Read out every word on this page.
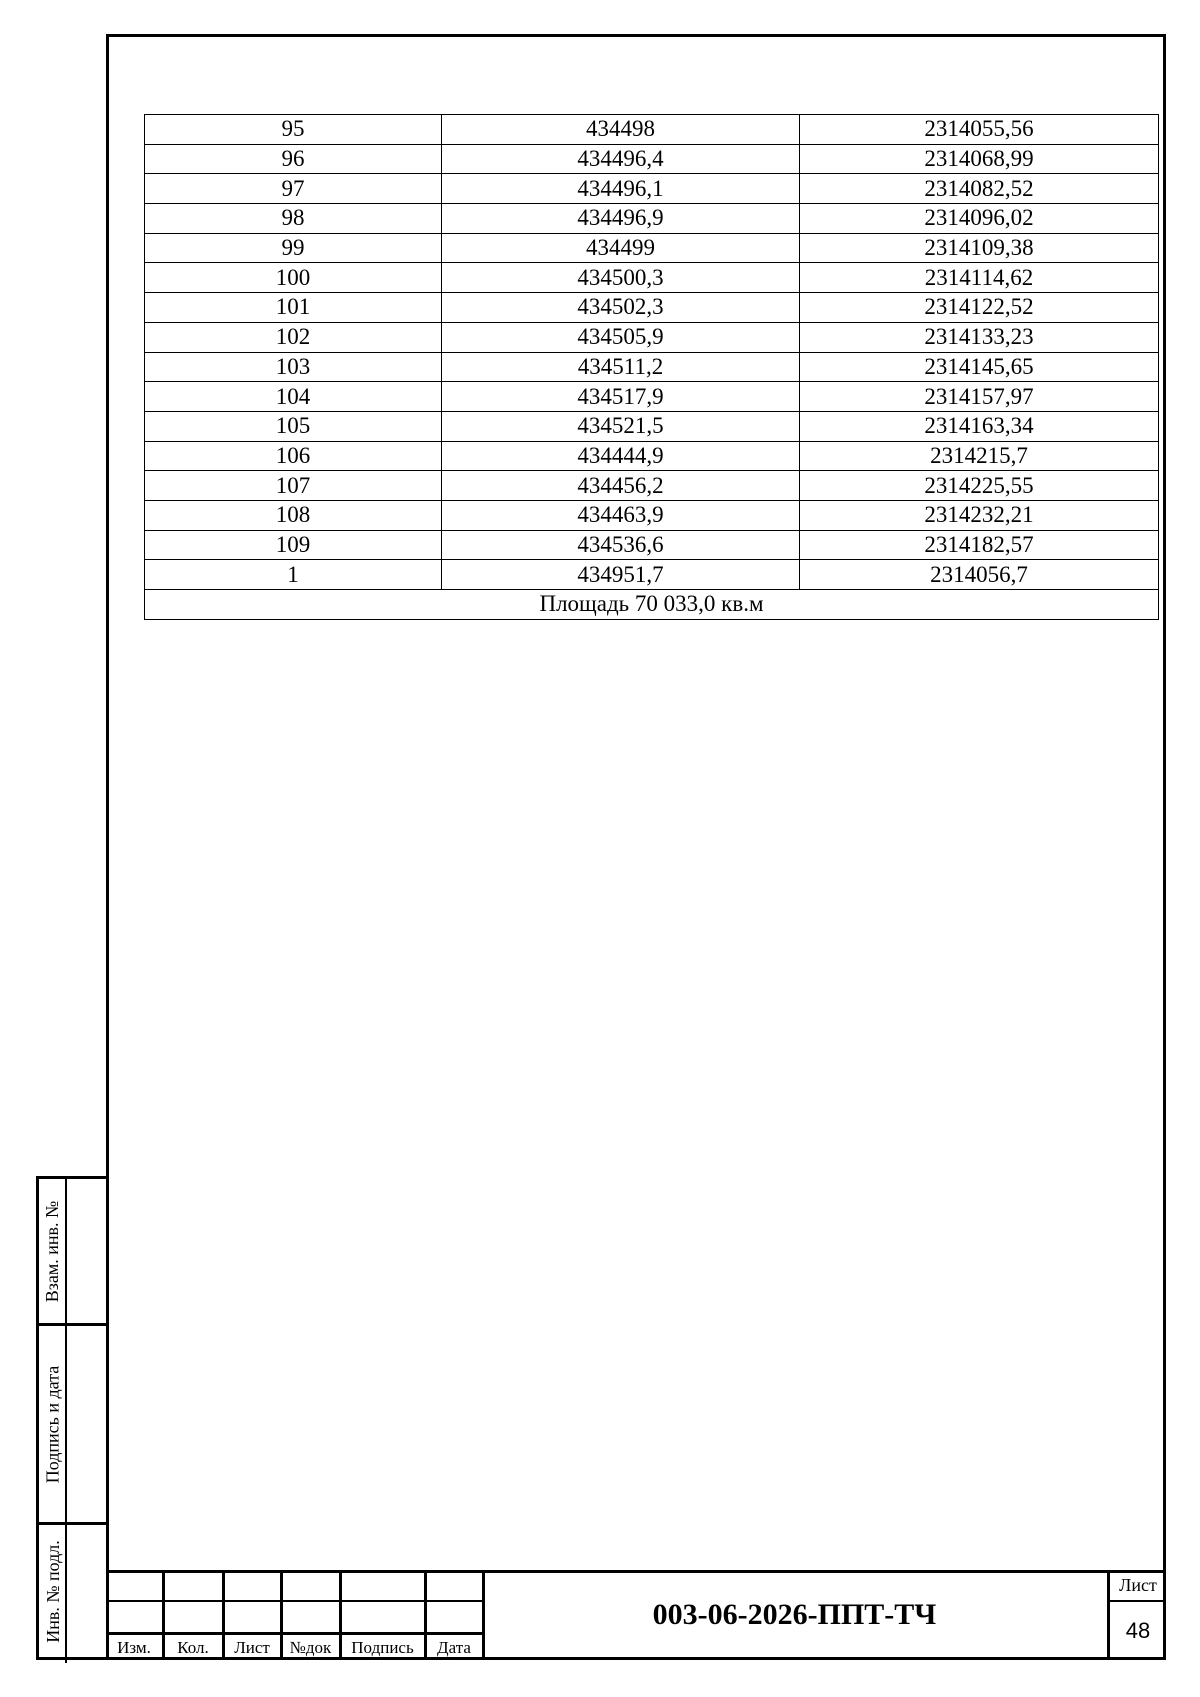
95	434498	2314055,56
96	434496,4	2314068,99
97	434496,1	2314082,52
98	434496,9	2314096,02
99	434499	2314109,38
100	434500,3	2314114,62
101	434502,3	2314122,52
102	434505,9	2314133,23
103	434511,2	2314145,65
104	434517,9	2314157,97
105	434521,5	2314163,34
106	434444,9	2314215,7
107	434456,2	2314225,55
108	434463,9	2314232,21
109	434536,6	2314182,57
1	434951,7	2314056,7
Площадь 70 033,0 кв.м		
Взам. инв. №
Подпись и дата
Инв. № подл.
Изм.	Кол.	Лист	№док	Подпись	Дата
003-06-2026-ППТ-ТЧ
Лист
48
